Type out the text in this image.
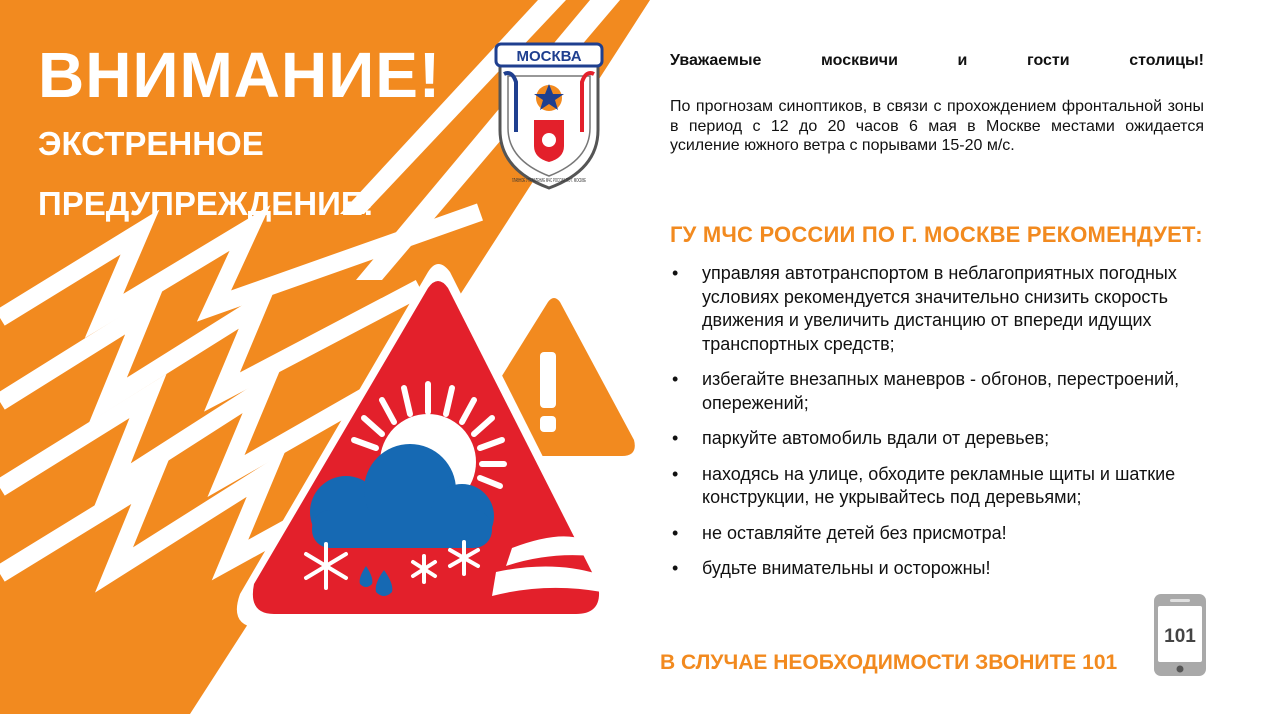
ВНИМАНИЕ!
ЭКСТРЕННОЕ
ПРЕДУПРЕЖДЕНИЕ!
МОСКВА
ГЛАВНОЕ УПРАВЛЕНИЕ МЧС РОССИИ ПО Г. МОСКВЕ
Уважаемые	москвичи	и	гости	столицы!
По прогнозам синоптиков, в связи с прохождением фронтальной зоны в период с 12 до 20 часов 6 мая в Москве местами ожидается усиление южного ветра с порывами 15-20 м/с.
ГУ МЧС РОССИИ ПО Г. МОСКВЕ РЕКОМЕНДУЕТ:
• управляя автотранспортом в неблагоприятных погодных условиях рекомендуется значительно снизить скорость движения и увеличить дистанцию от впереди идущих транспортных средств;
• избегайте внезапных маневров - обгонов, перестроений, опережений;
• паркуйте автомобиль вдали от деревьев;
• находясь на улице, обходите рекламные щиты и шаткие конструкции, не укрывайтесь под деревьями;
• не оставляйте детей без присмотра!
• будьте внимательны и осторожны!
В СЛУЧАЕ НЕОБХОДИМОСТИ ЗВОНИТЕ 101
101
